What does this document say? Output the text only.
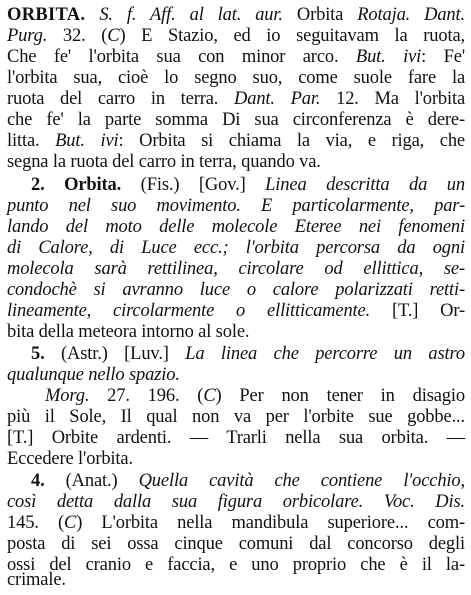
ORBITA. S. f. Aff. al lat. aur. Orbita Rotaja. Dant.
Purg. 32. (C) E Stazio, ed io seguitavam la ruota,
Che fe' l'orbita sua con minor arco. But. ivi: Fe'
l'orbita sua, cioè lo segno suo, come suole fare la
ruota del carro in terra. Dant. Par. 12. Ma l'orbita
che fe' la parte somma Di sua circonferenza è dere-
litta. But. ivi: Orbita si chiama la via, e riga, che
segna la ruota del carro in terra, quando va.
2. Orbita. (Fis.) [Gov.] Linea descritta da un
punto nel suo movimento. E particolarmente, par-
lando del moto delle molecole Eteree nei fenomeni
di Calore, di Luce ecc.; l'orbita percorsa da ogni
molecola sarà rettilinea, circolare od ellittica, se-
condochè si avranno luce o calore polarizzati retti-
lineamente, circolarmente o ellitticamente. [T.] Or-
bita della meteora intorno al sole.
5. (Astr.) [Luv.] La linea che percorre un astro
qualunque nello spazio.
Morg. 27. 196. (C) Per non tener in disagio
più il Sole, Il qual non va per l'orbite sue gobbe...
[T.] Orbite ardenti. — Trarli nella sua orbita. —
Eccedere l'orbita.
4. (Anat.) Quella cavità che contiene l'occhio,
così detta dalla sua figura orbicolare. Voc. Dis.
145. (C) L'orbita nella mandibula superiore... com-
posta di sei ossa cinque comuni dal concorso degli
ossi del cranio e faccia, e uno proprio che è il la-
crimale.
